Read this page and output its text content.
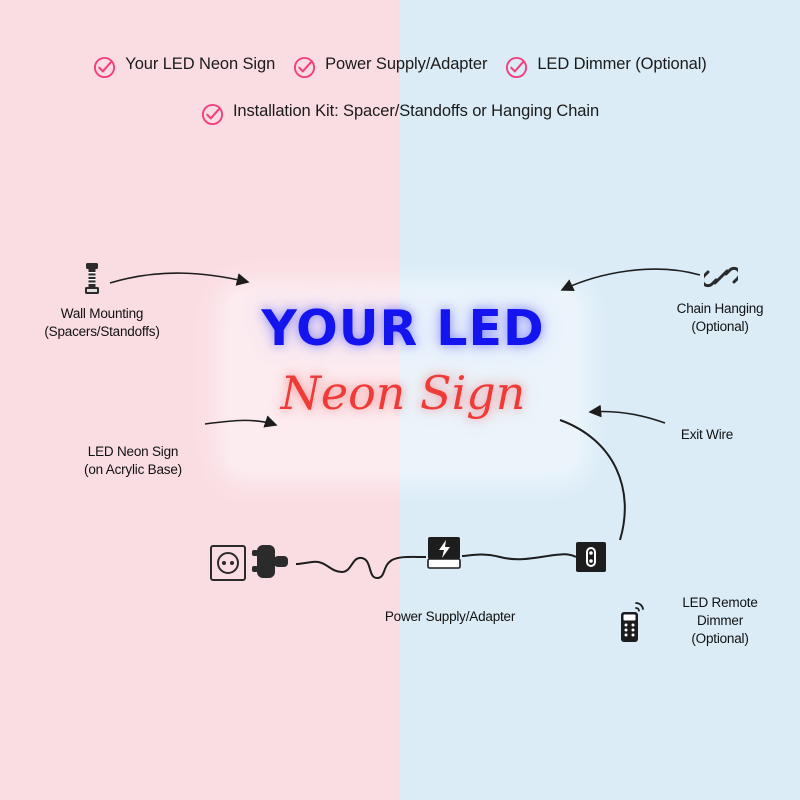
Your LED Neon Sign	Power Supply/Adapter	LED Dimmer (Optional)
Installation Kit: Spacer/Standoffs or Hanging Chain
YOUR LED
Neon Sign
Wall Mounting
(Spacers/Standoffs)
Chain Hanging
(Optional)
LED Neon Sign
(on Acrylic Base)
Exit Wire
Power Supply/Adapter
LED Remote
Dimmer
(Optional)
